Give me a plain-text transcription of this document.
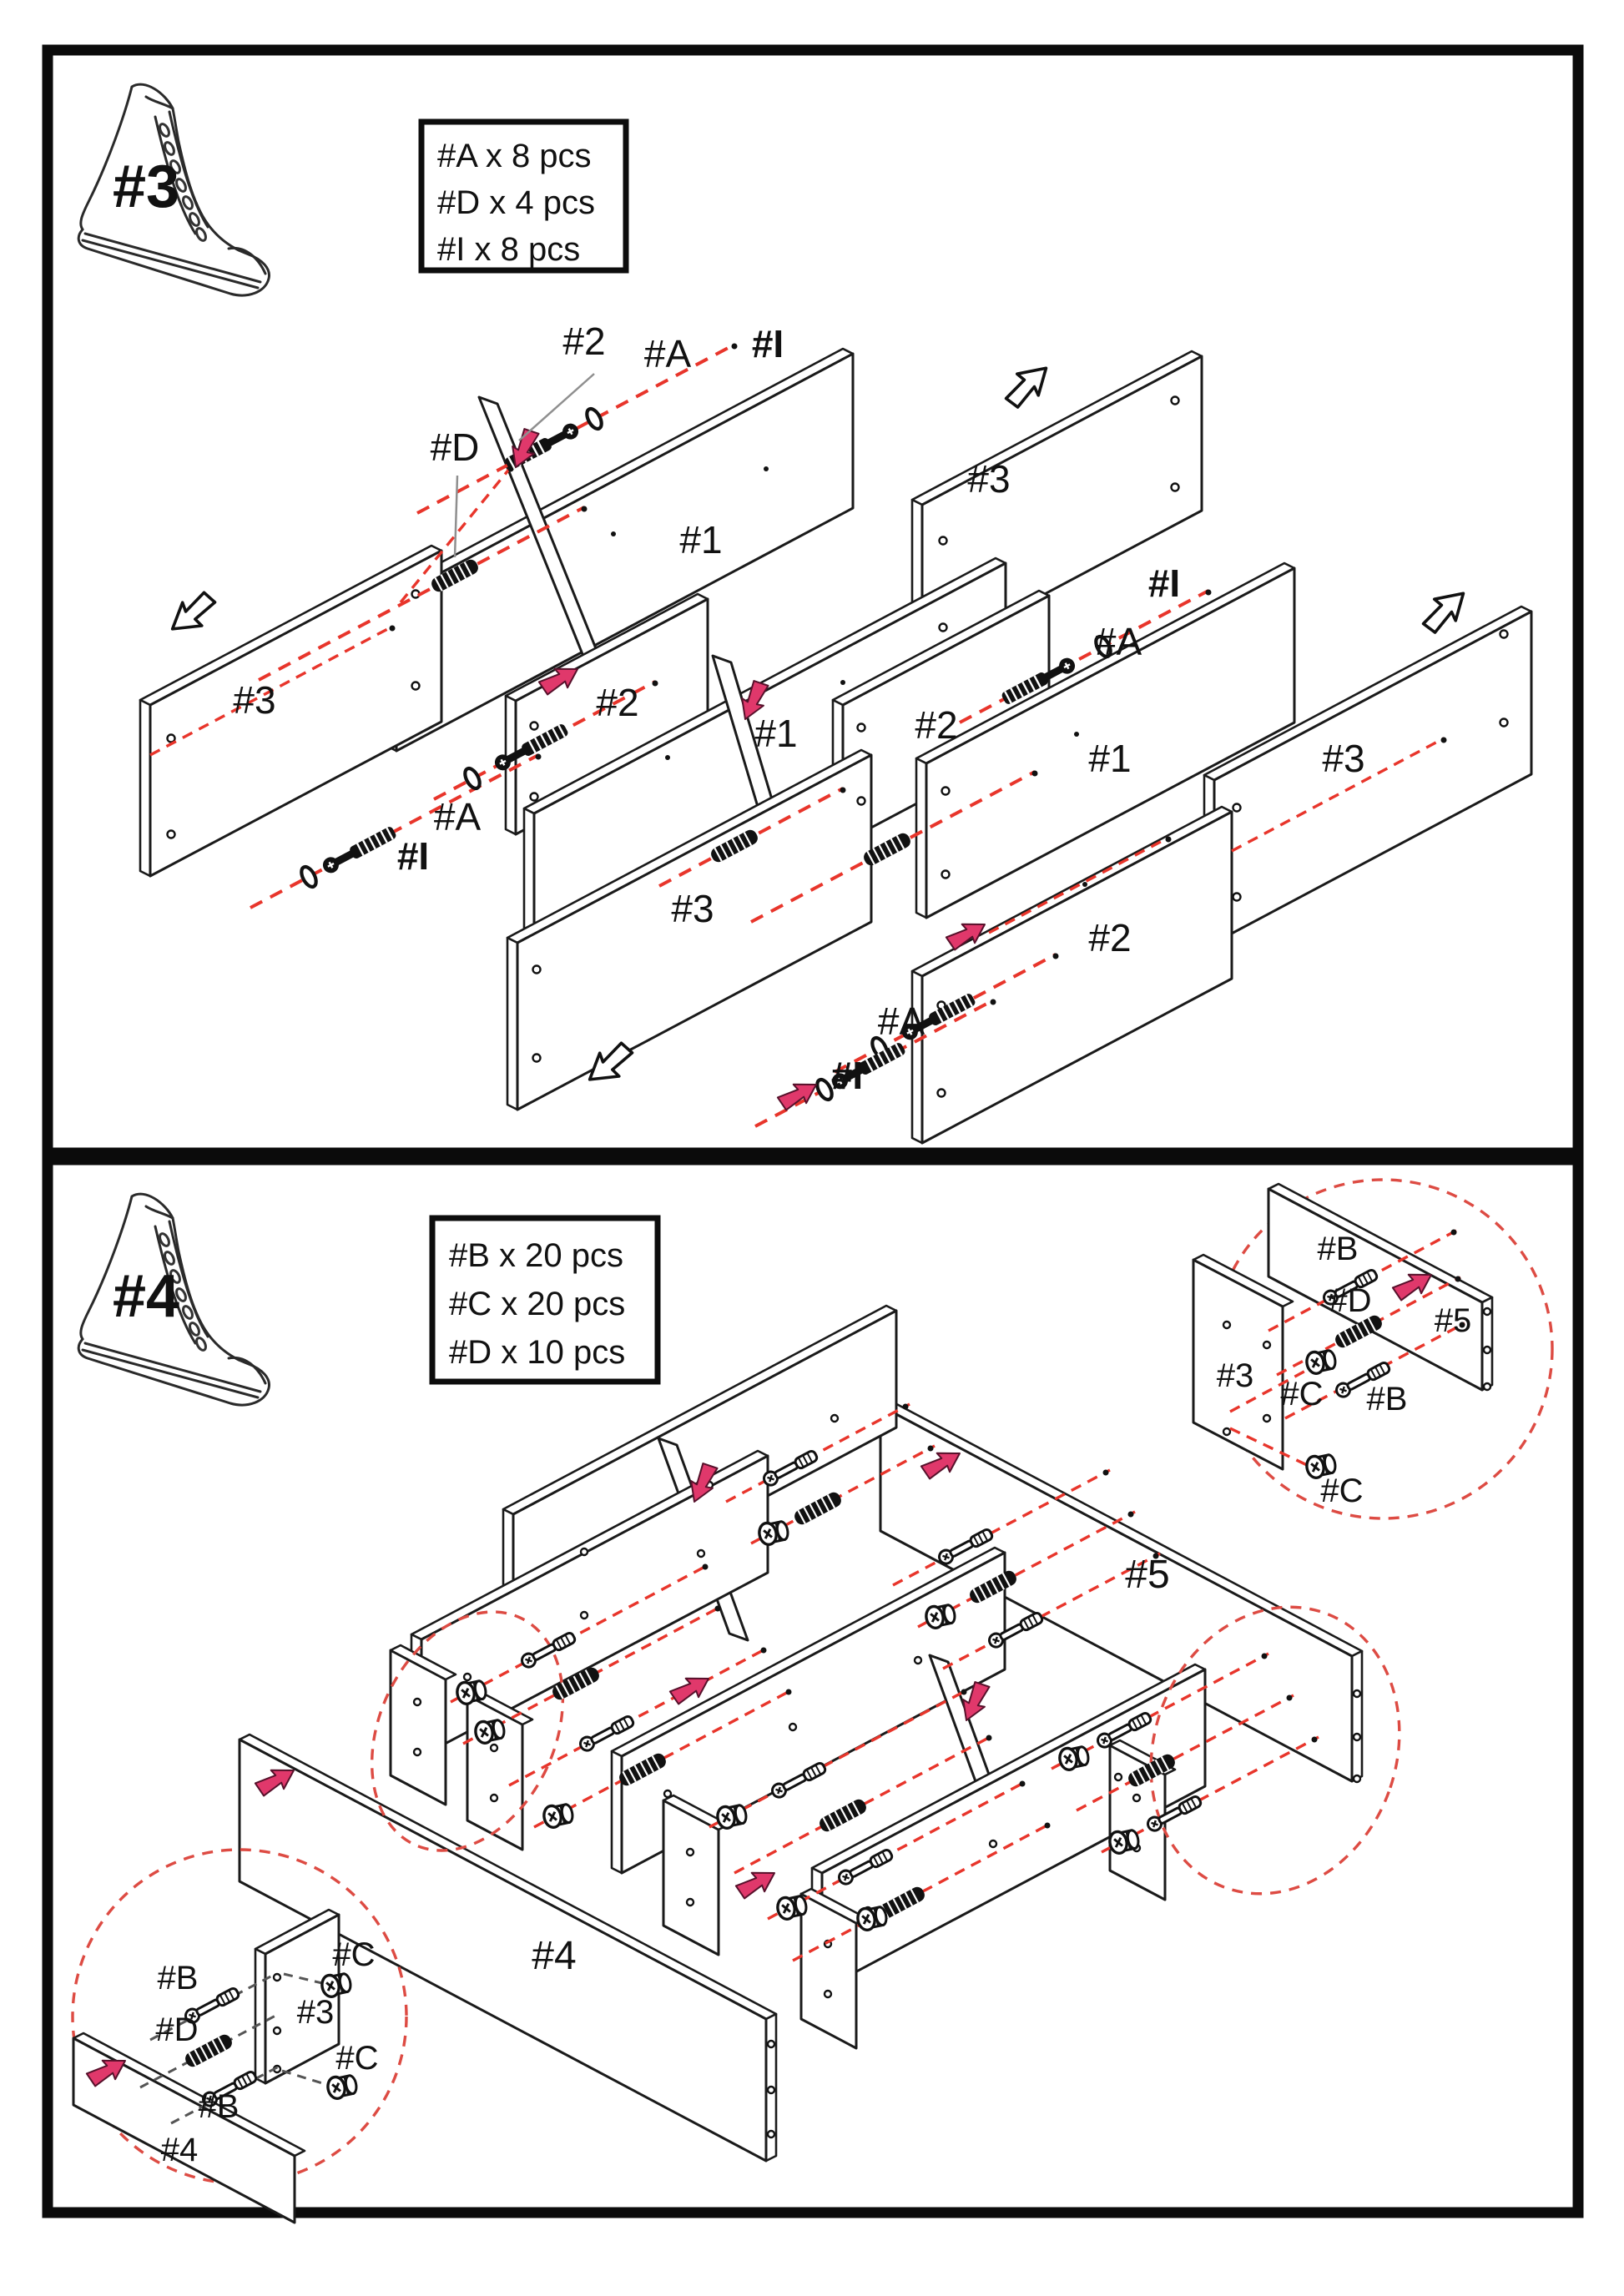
#3	#A x 8 pcs
#D x 4 pcs
#I x 8 pcs
#2 #A #I
#D
#3
#1
#I
#A
#3	#2
#1	#2
#1	#3
#A
#I
#3
#2
#A
#I
#4
#B x 20 pcs
#C x 20 pcs
#D x 10 pcs
#5
#4
#B
#D
#5
#3 #C #B
#C
#B
#C
#D	#3
#C
#B
#4
